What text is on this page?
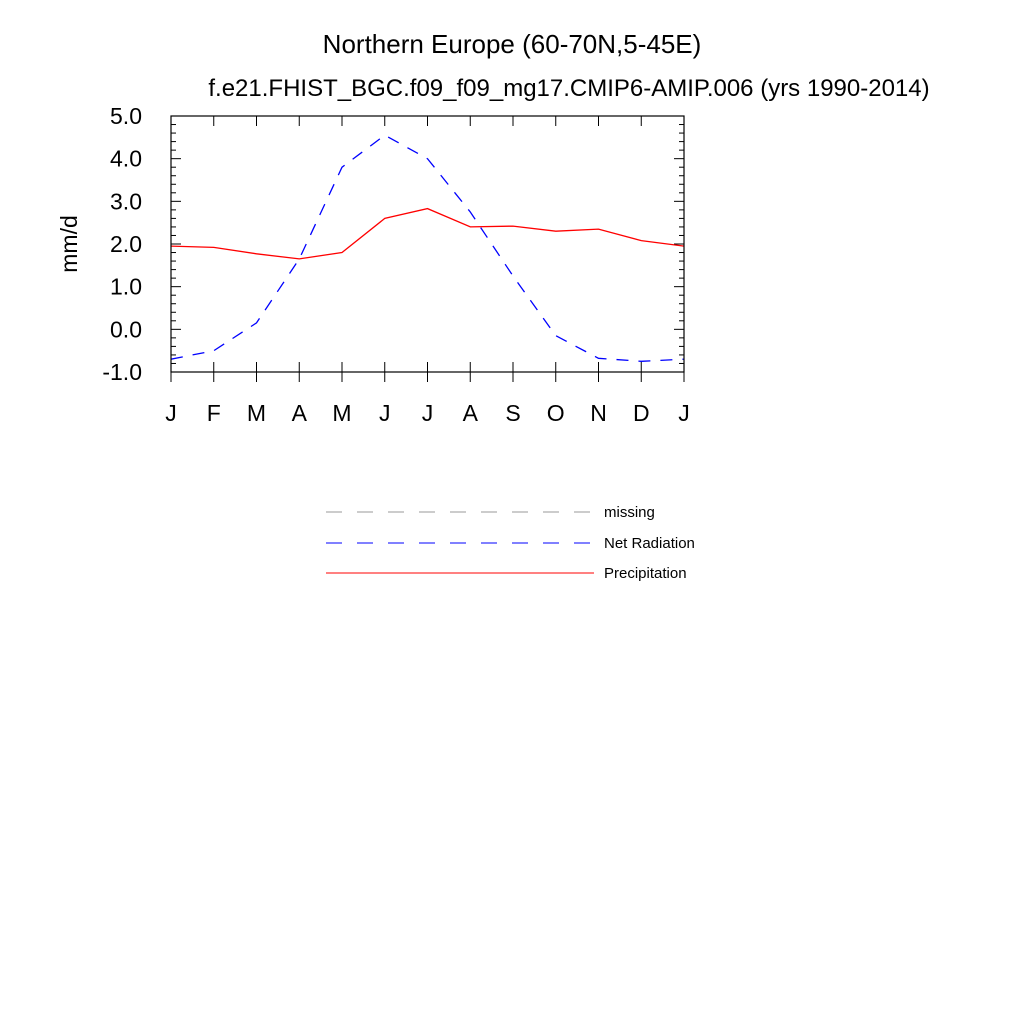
Northern Europe (60-70N,5-45E)
f.e21.FHIST_BGC.f09_f09_mg17.CMIP6-AMIP.006 (yrs 1990-2014)
mm/d
5.0
4.0
3.0
2.0
1.0
0.0
-1.0
J F M A M J J A S O N D J
missing
Net Radiation
Precipitation
